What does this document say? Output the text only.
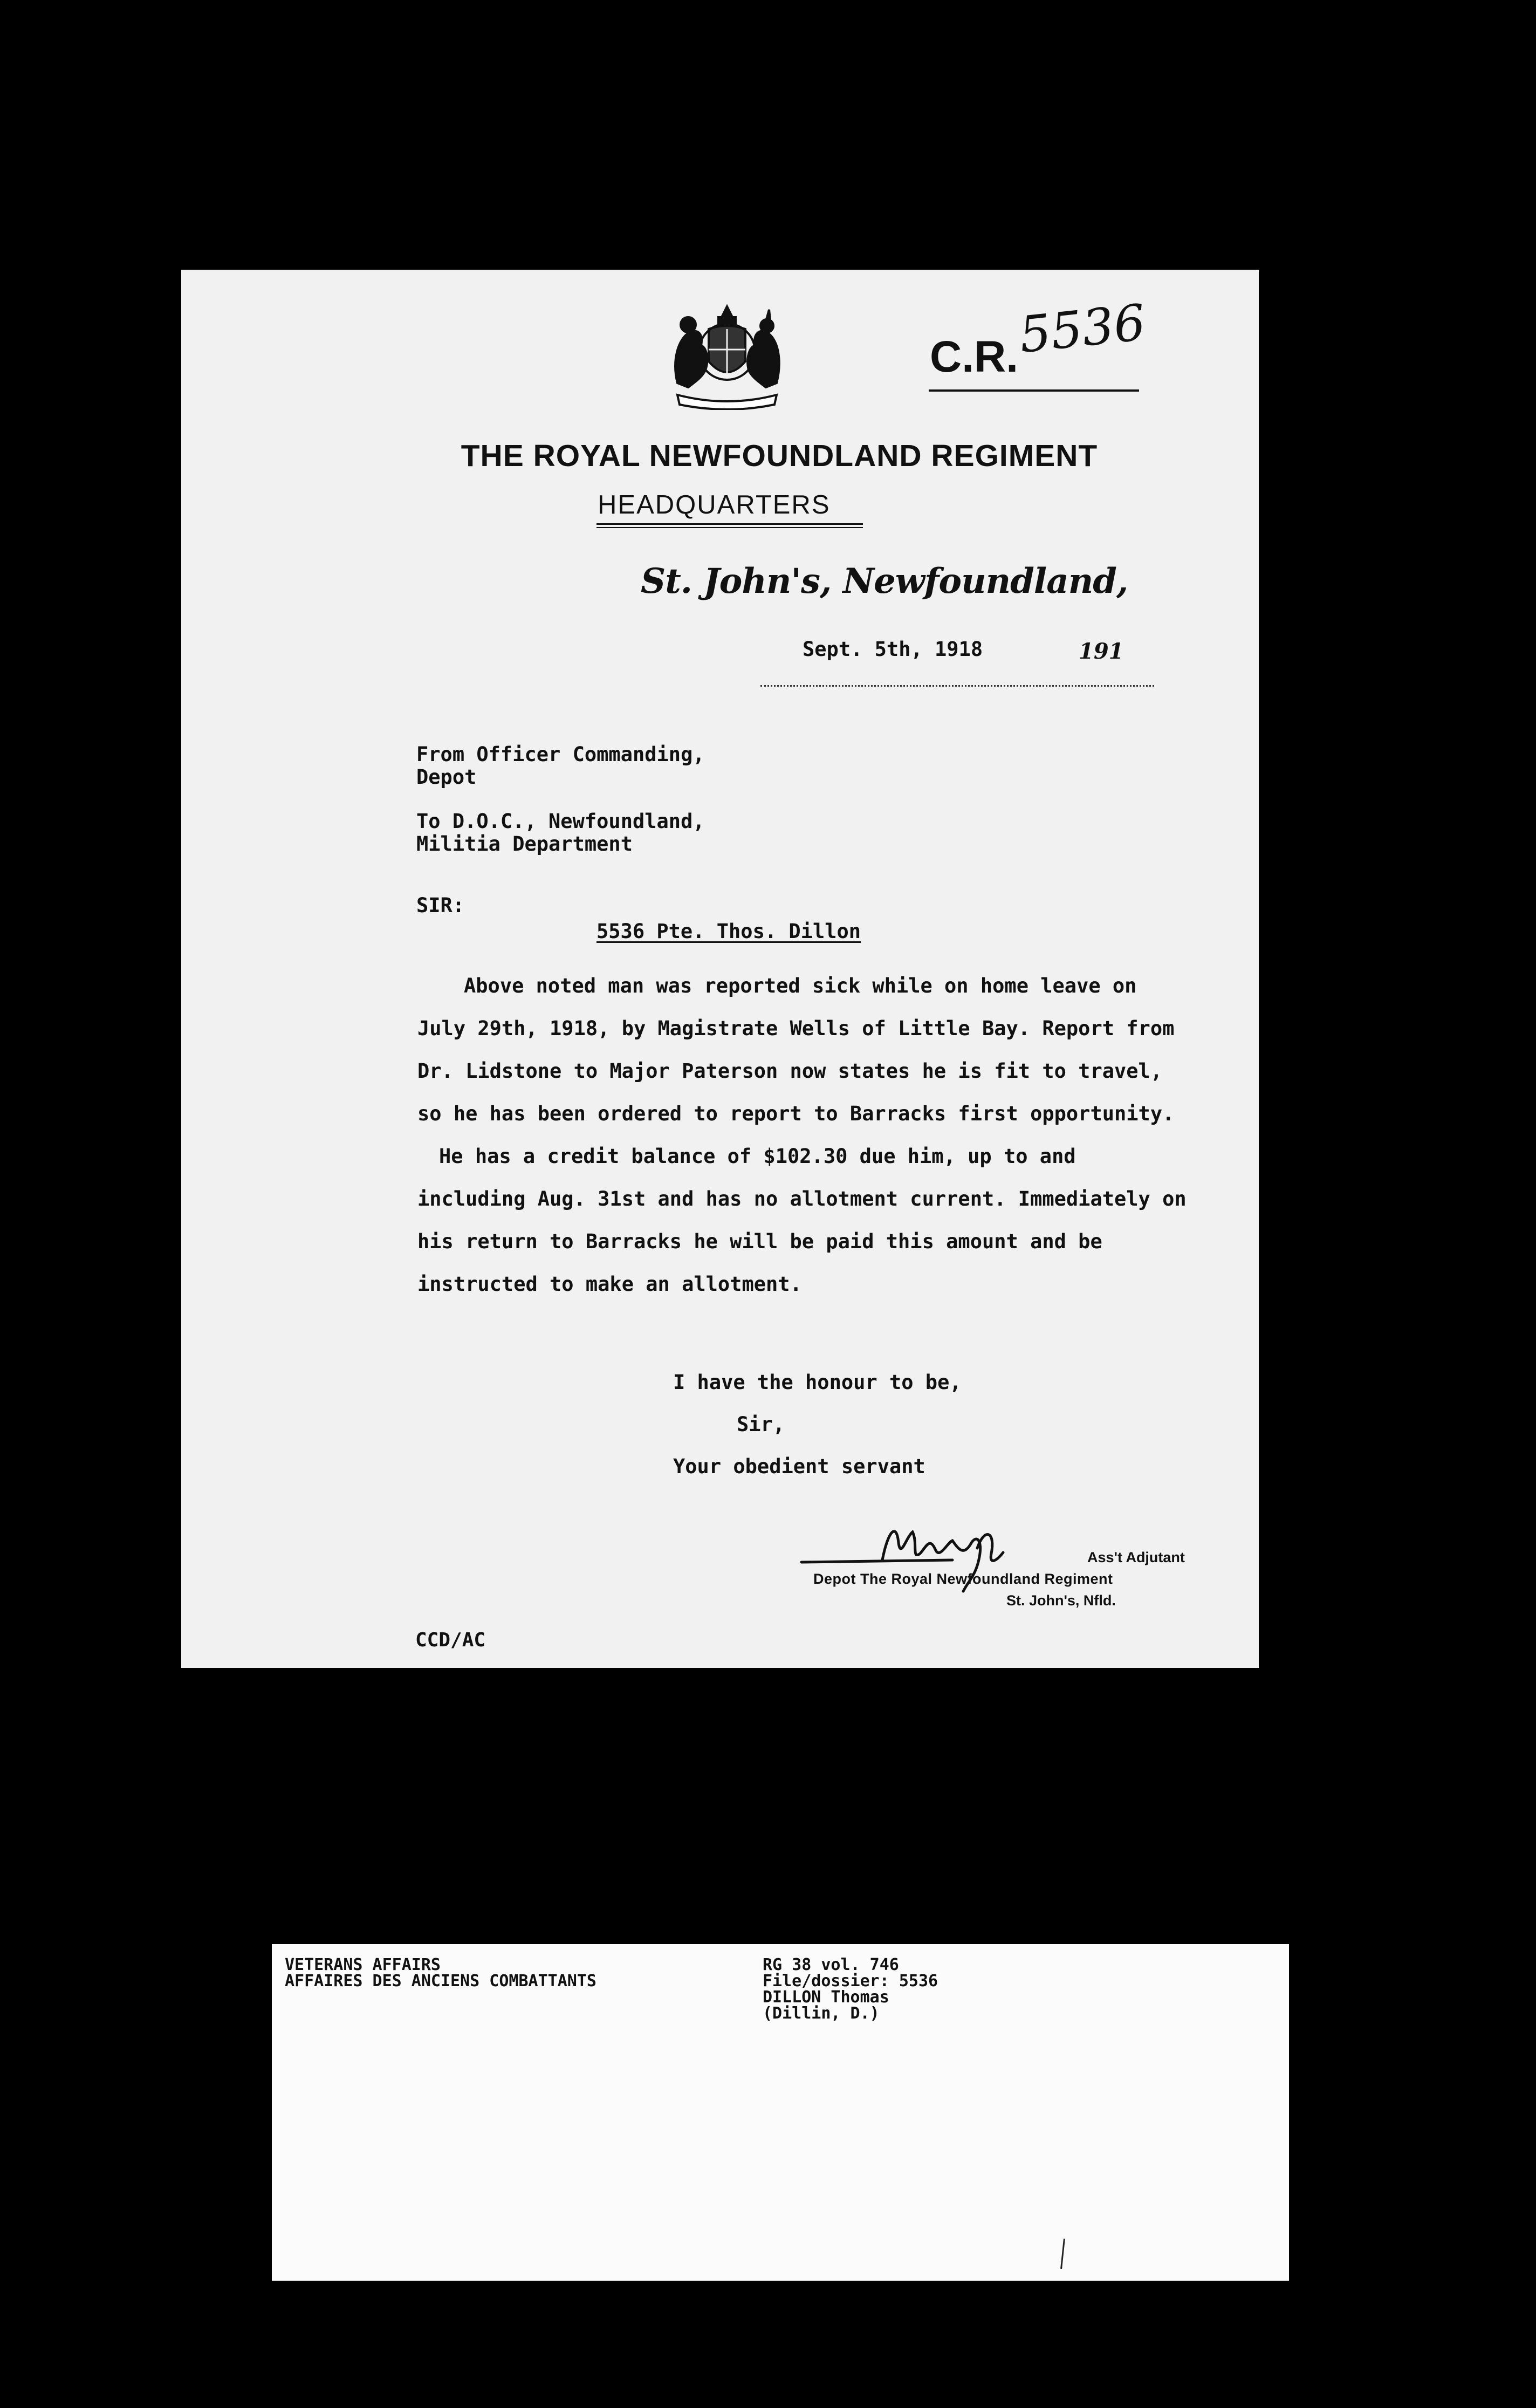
C.R.
5536
THE ROYAL NEWFOUNDLAND REGIMENT
HEADQUARTERS
St. John's, Newfoundland,
Sept. 5th, 1918	191
From Officer Commanding,
Depot
To D.O.C., Newfoundland,
Militia Department
SIR:
5536 Pte. Thos. Dillon
Above noted man was reported sick while on home leave on July 29th, 1918, by Magistrate Wells of Little Bay. Report from Dr. Lidstone to Major Paterson now states he is fit to travel, so he has been ordered to report to Barracks first opportunity.
He has a credit balance of $102.30 due him, up to and including Aug. 31st and has no allotment current. Immediately on his return to Barracks he will be paid this amount and be instructed to make an allotment.
I have the honour to be,
Sir,
Your obedient servant
Ass't Adjutant
Depot The Royal Newfoundland Regiment
St. John's, Nfld.
CCD/AC
VETERANS AFFAIRS
AFFAIRES DES ANCIENS COMBATTANTS
RG 38 vol. 746
File/dossier: 5536
DILLON Thomas
(Dillin, D.)
